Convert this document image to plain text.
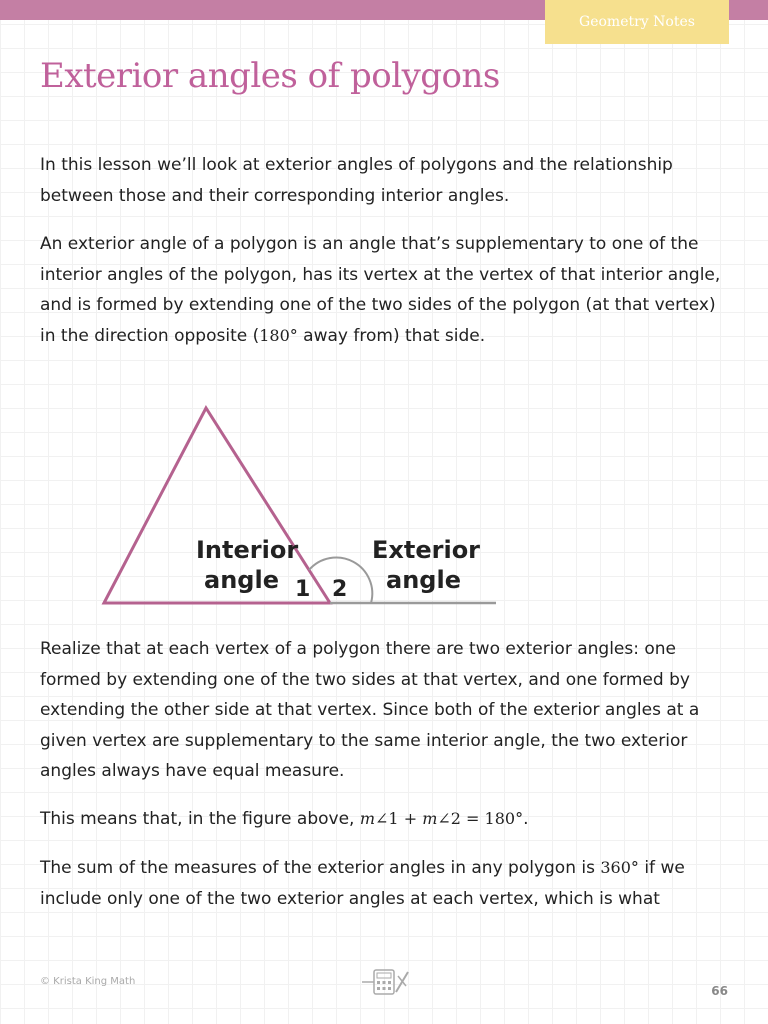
Geometry Notes
Exterior angles of polygons

In this lesson we’ll look at exterior angles of polygons and the relationship between those and their corresponding interior angles.

An exterior angle of a polygon is an angle that’s supplementary to one of the interior angles of the polygon, has its vertex at the vertex of that interior angle, and is formed by extending one of the two sides of the polygon (at that vertex) in the direction opposite (180° away from) that side.

Interior
angle 1 2
Exterior
angle

Realize that at each vertex of a polygon there are two exterior angles: one formed by extending one of the two sides at that vertex, and one formed by extending the other side at that vertex. Since both of the exterior angles at a given vertex are supplementary to the same interior angle, the two exterior angles always have equal measure.

This means that, in the figure above, m∠1 + m∠2 = 180°.

The sum of the measures of the exterior angles in any polygon is 360° if we include only one of the two exterior angles at each vertex, which is what

© Krista King Math
66
